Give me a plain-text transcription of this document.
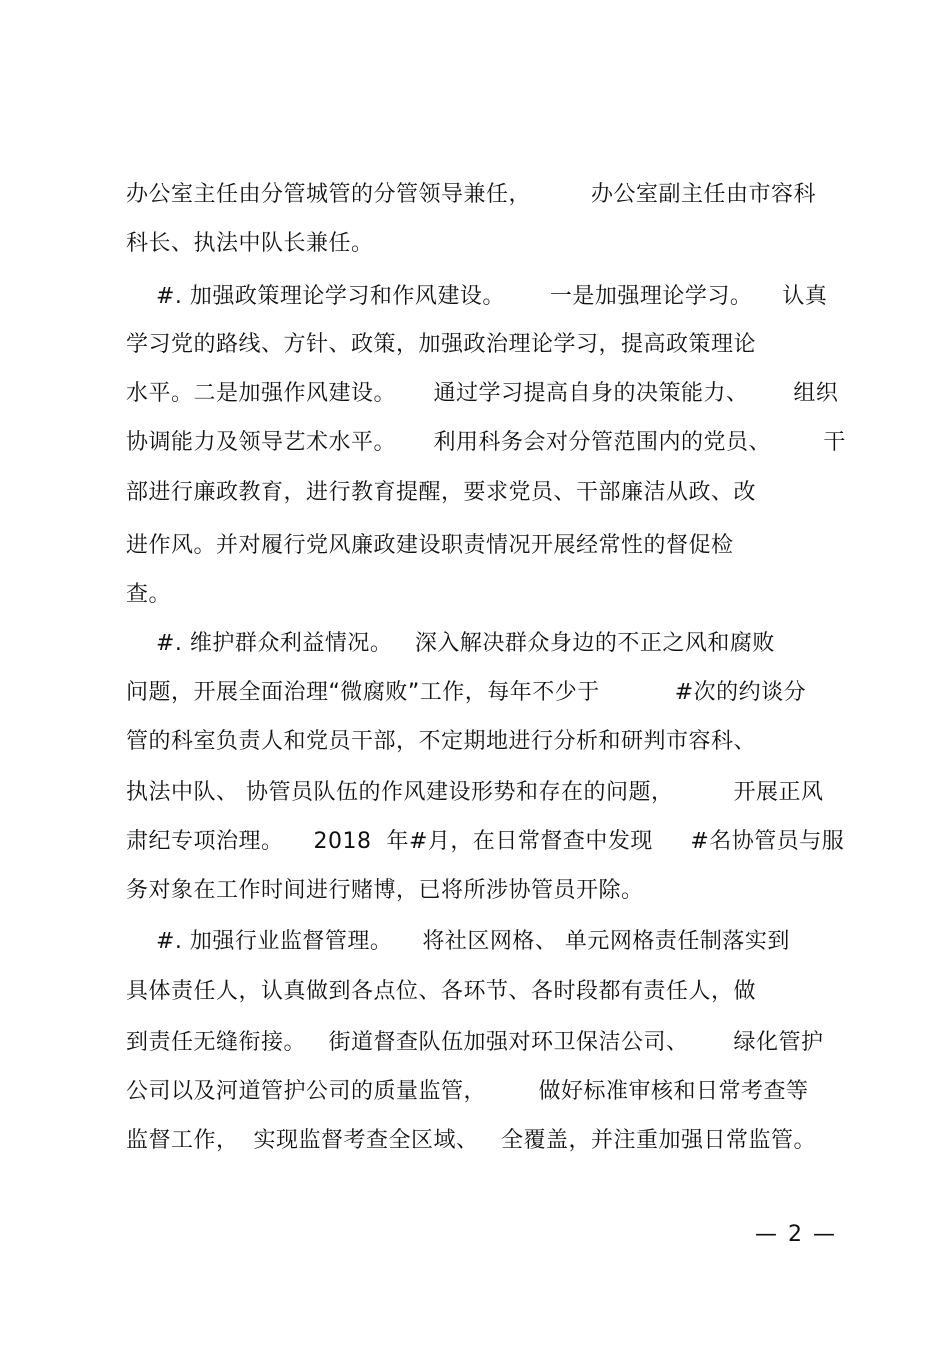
办公室主任由分管城管的分管领导兼任，        办公室副主任由市容科
科长、执法中队长兼任。
#. 加强政策理论学习和作风建设。      一是加强理论学习。    认真
学习党的路线、方针、政策，加强政治理论学习，提高政策理论
水平。二是加强作风建设。     通过学习提高自身的决策能力、      组织
协调能力及领导艺术水平。     利用科务会对分管范围内的党员、       干
部进行廉政教育，进行教育提醒，要求党员、干部廉洁从政、改
进作风。并对履行党风廉政建设职责情况开展经常性的督促检
查。
#. 维护群众利益情况。   深入解决群众身边的不正之风和腐败
问题，开展全面治理“微腐败”工作，每年不少于          #次的约谈分
管的科室负责人和党员干部，不定期地进行分析和研判市容科、
执法中队、 协管员队伍的作风建设形势和存在的问题，        开展正风
肃纪专项治理。    2018  年#月，在日常督查中发现     #名协管员与服
务对象在工作时间进行赌博，已将所涉协管员开除。
#. 加强行业监督管理。    将社区网格、 单元网格责任制落实到
具体责任人，认真做到各点位、各环节、各时段都有责任人，做
到责任无缝衔接。   街道督查队伍加强对环卫保洁公司、      绿化管护
公司以及河道管护公司的质量监管，       做好标准审核和日常考查等
监督工作，  实现监督考查全区域、   全覆盖，并注重加强日常监管。
— 2 —
